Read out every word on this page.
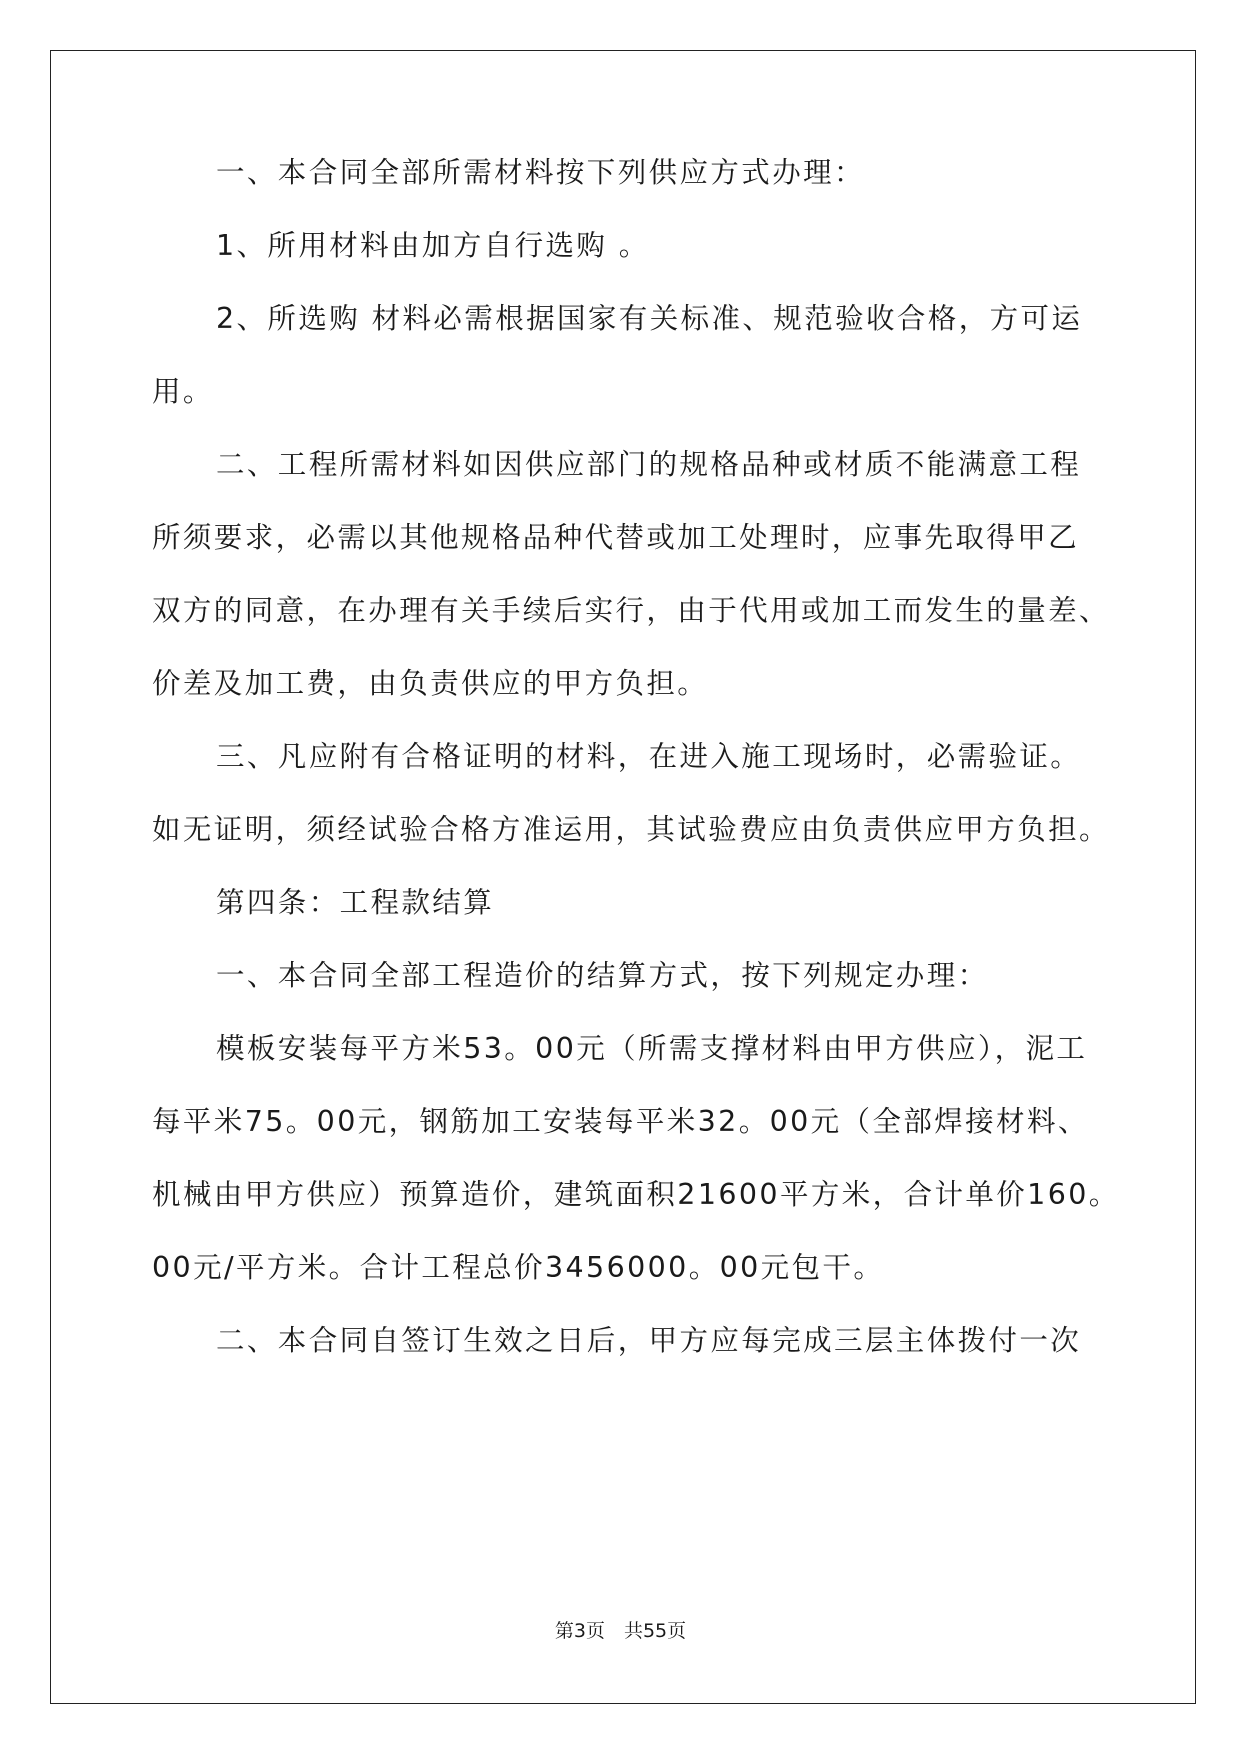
一、本合同全部所需材料按下列供应方式办理：
1、所用材料由加方自行选购 。
2、所选购 材料必需根据国家有关标准、规范验收合格，方可运
用。
二、工程所需材料如因供应部门的规格品种或材质不能满意工程
所须要求，必需以其他规格品种代替或加工处理时，应事先取得甲乙
双方的同意，在办理有关手续后实行，由于代用或加工而发生的量差、
价差及加工费，由负责供应的甲方负担。
三、凡应附有合格证明的材料，在进入施工现场时，必需验证。
如无证明，须经试验合格方准运用，其试验费应由负责供应甲方负担。
第四条：工程款结算
一、本合同全部工程造价的结算方式，按下列规定办理：
模板安装每平方米53。00元（所需支撑材料由甲方供应），泥工
每平米75。00元，钢筋加工安装每平米32。00元（全部焊接材料、
机械由甲方供应）预算造价，建筑面积21600平方米，合计单价160。
00元/平方米。合计工程总价3456000。00元包干。
二、本合同自签订生效之日后，甲方应每完成三层主体拨付一次
第3页　共55页
